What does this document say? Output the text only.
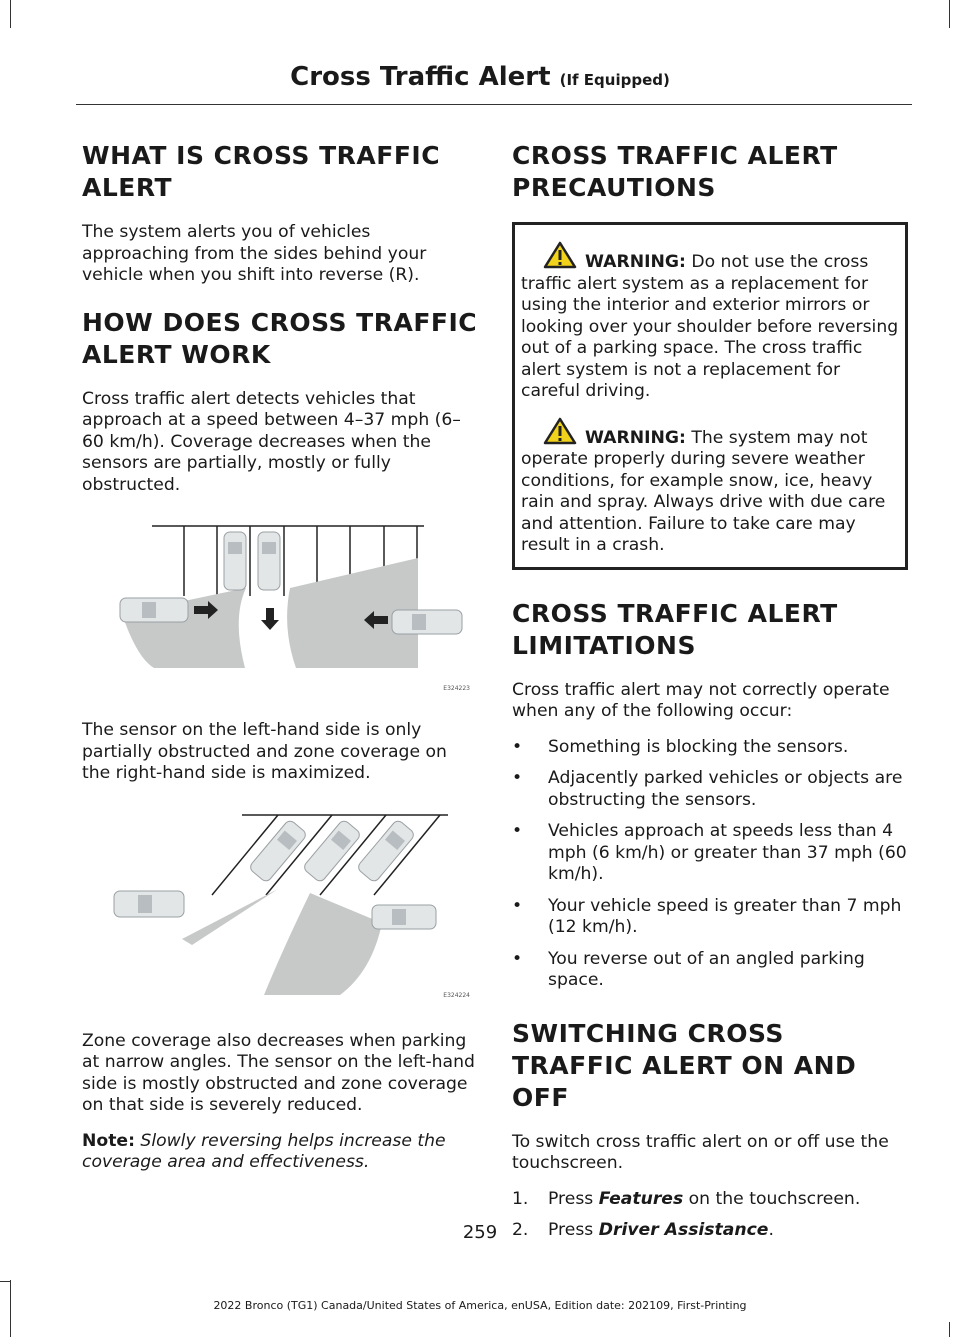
Cross Traffic Alert (If Equipped)
WHAT IS CROSS TRAFFIC ALERT

The system alerts you of vehicles approaching from the sides behind your vehicle when you shift into reverse (R).

HOW DOES CROSS TRAFFIC ALERT WORK

Cross traffic alert detects vehicles that approach at a speed between 4–37 mph (6–60 km/h). Coverage decreases when the sensors are partially, mostly or fully obstructed.

E324223

The sensor on the left-hand side is only partially obstructed and zone coverage on the right-hand side is maximized.

E324224

Zone coverage also decreases when parking at narrow angles. The sensor on the left-hand side is mostly obstructed and zone coverage on that side is severely reduced.

Note: Slowly reversing helps increase the coverage area and effectiveness.

CROSS TRAFFIC ALERT PRECAUTIONS

WARNING: Do not use the cross traffic alert system as a replacement for using the interior and exterior mirrors or looking over your shoulder before reversing out of a parking space. The cross traffic alert system is not a replacement for careful driving.

WARNING: The system may not operate properly during severe weather conditions, for example snow, ice, heavy rain and spray. Always drive with due care and attention. Failure to take care may result in a crash.

CROSS TRAFFIC ALERT LIMITATIONS

Cross traffic alert may not correctly operate when any of the following occur:

• Something is blocking the sensors.
• Adjacently parked vehicles or objects are obstructing the sensors.
• Vehicles approach at speeds less than 4 mph (6 km/h) or greater than 37 mph (60 km/h).
• Your vehicle speed is greater than 7 mph (12 km/h).
• You reverse out of an angled parking space.
SWITCHING CROSS TRAFFIC ALERT ON AND OFF

To switch cross traffic alert on or off use the touchscreen.

1. Press Features on the touchscreen.
2. Press Driver Assistance.
259
2022 Bronco (TG1) Canada/United States of America, enUSA, Edition date: 202109, First-Printing
